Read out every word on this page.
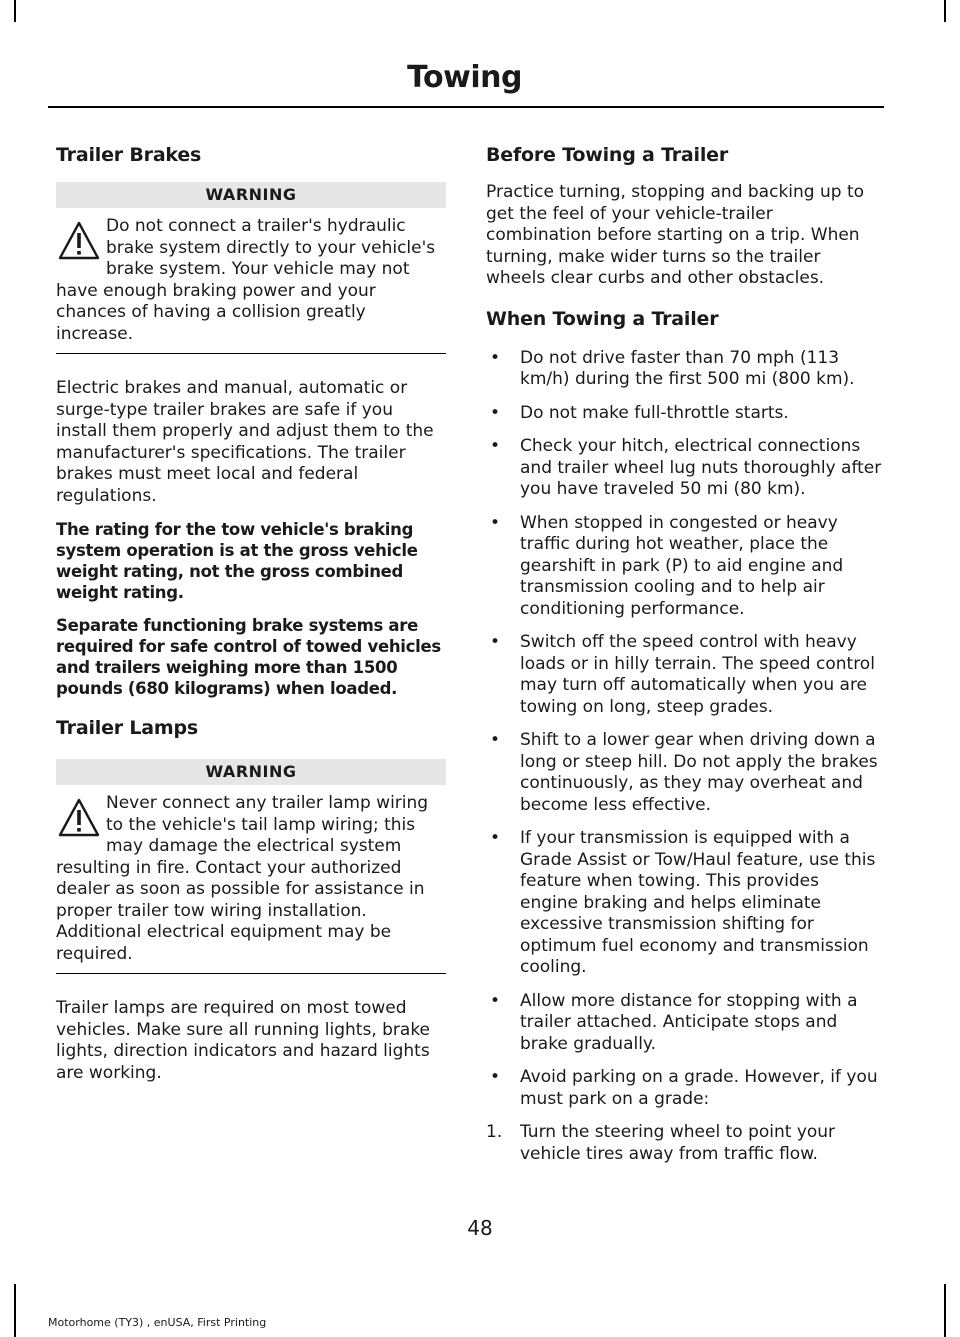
Towing
Trailer Brakes
WARNING

Do not connect a trailer's hydraulic brake system directly to your vehicle's brake system. Your vehicle may not have enough braking power and your chances of having a collision greatly increase.

Electric brakes and manual, automatic or surge-type trailer brakes are safe if you install them properly and adjust them to the manufacturer's specifications. The trailer brakes must meet local and federal regulations.

The rating for the tow vehicle's braking system operation is at the gross vehicle weight rating, not the gross combined weight rating.

Separate functioning brake systems are required for safe control of towed vehicles and trailers weighing more than 1500 pounds (680 kilograms) when loaded.

Trailer Lamps
WARNING

Never connect any trailer lamp wiring to the vehicle's tail lamp wiring; this may damage the electrical system resulting in fire. Contact your authorized dealer as soon as possible for assistance in proper trailer tow wiring installation. Additional electrical equipment may be required.

Trailer lamps are required on most towed vehicles. Make sure all running lights, brake lights, direction indicators and hazard lights are working.

Before Towing a Trailer

Practice turning, stopping and backing up to get the feel of your vehicle-trailer combination before starting on a trip. When turning, make wider turns so the trailer wheels clear curbs and other obstacles.

When Towing a Trailer
• Do not drive faster than 70 mph (113 km/h) during the first 500 mi (800 km).
• Do not make full-throttle starts.
• Check your hitch, electrical connections and trailer wheel lug nuts thoroughly after you have traveled 50 mi (80 km).
• When stopped in congested or heavy traffic during hot weather, place the gearshift in park (P) to aid engine and transmission cooling and to help air conditioning performance.
• Switch off the speed control with heavy loads or in hilly terrain. The speed control may turn off automatically when you are towing on long, steep grades.
• Shift to a lower gear when driving down a long or steep hill. Do not apply the brakes continuously, as they may overheat and become less effective.
• If your transmission is equipped with a Grade Assist or Tow/Haul feature, use this feature when towing. This provides engine braking and helps eliminate excessive transmission shifting for optimum fuel economy and transmission cooling.
• Allow more distance for stopping with a trailer attached. Anticipate stops and brake gradually.
• Avoid parking on a grade. However, if you must park on a grade:
1. Turn the steering wheel to point your vehicle tires away from traffic flow.
48
Motorhome (TY3) , enUSA, First Printing
